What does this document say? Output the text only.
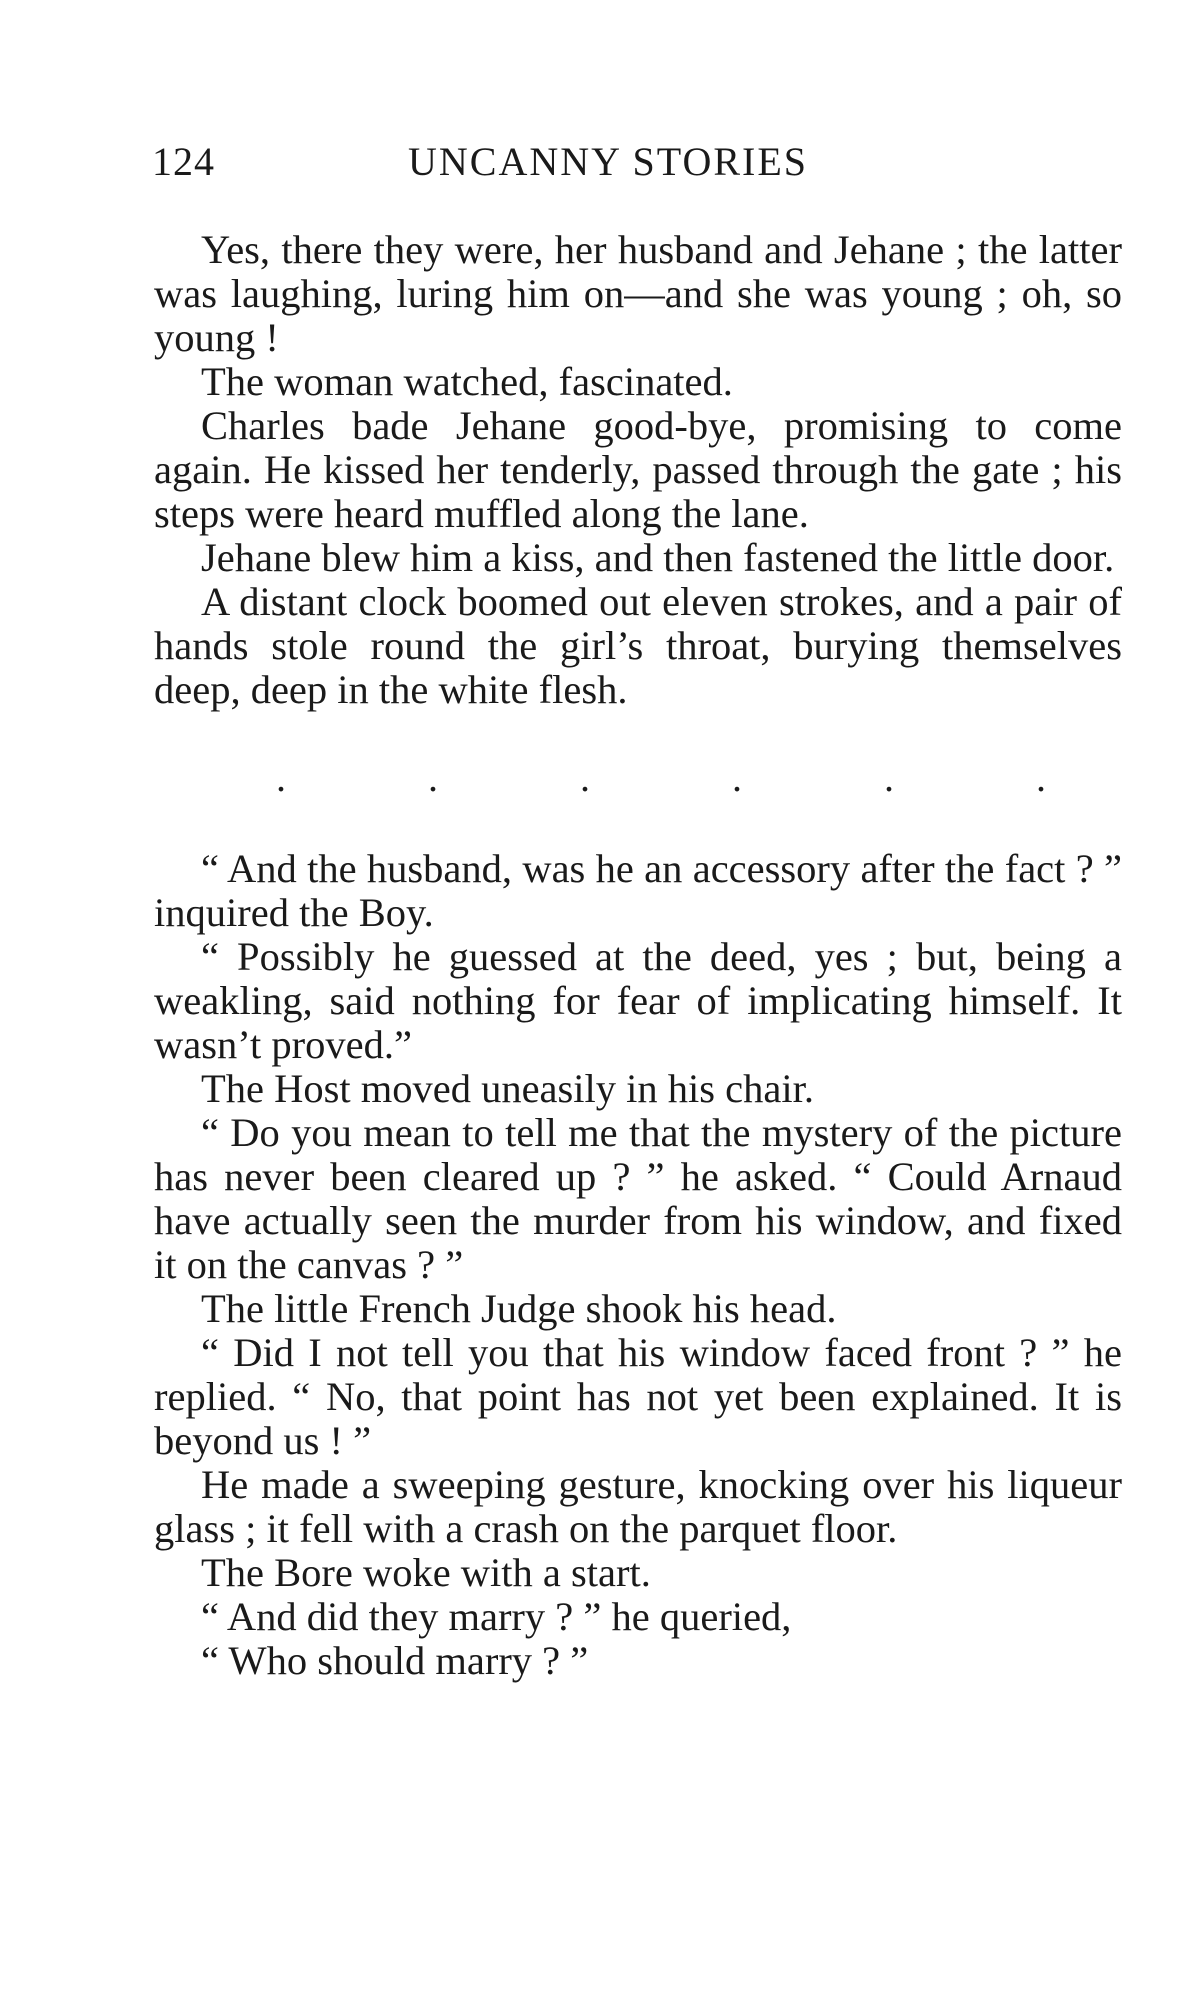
124	UNCANNY STORIES

Yes, there they were, her husband and Jehane ; the latter was laughing, luring him on—and she was young ; oh, so young !

The woman watched, fascinated.

Charles bade Jehane good-bye, promising to come again. He kissed her tenderly, passed through the gate ; his steps were heard muffled along the lane.

Jehane blew him a kiss, and then fastened the little door.

A distant clock boomed out eleven strokes, and a pair of hands stole round the girl’s throat, burying themselves deep, deep in the white flesh.

.	.	.	.	.	.

“ And the husband, was he an accessory after the fact ? ” inquired the Boy.

“ Possibly he guessed at the deed, yes ; but, being a weakling, said nothing for fear of implicating himself. It wasn’t proved.”

The Host moved uneasily in his chair.

“ Do you mean to tell me that the mystery of the picture has never been cleared up ? ” he asked. “ Could Arnaud have actually seen the murder from his window, and fixed it on the canvas ? ”

The little French Judge shook his head.

“ Did I not tell you that his window faced front ? ” he replied. “ No, that point has not yet been explained. It is beyond us ! ”

He made a sweeping gesture, knocking over his liqueur glass ; it fell with a crash on the parquet floor.

The Bore woke with a start.

“ And did they marry ? ” he queried,

“ Who should marry ? ”
